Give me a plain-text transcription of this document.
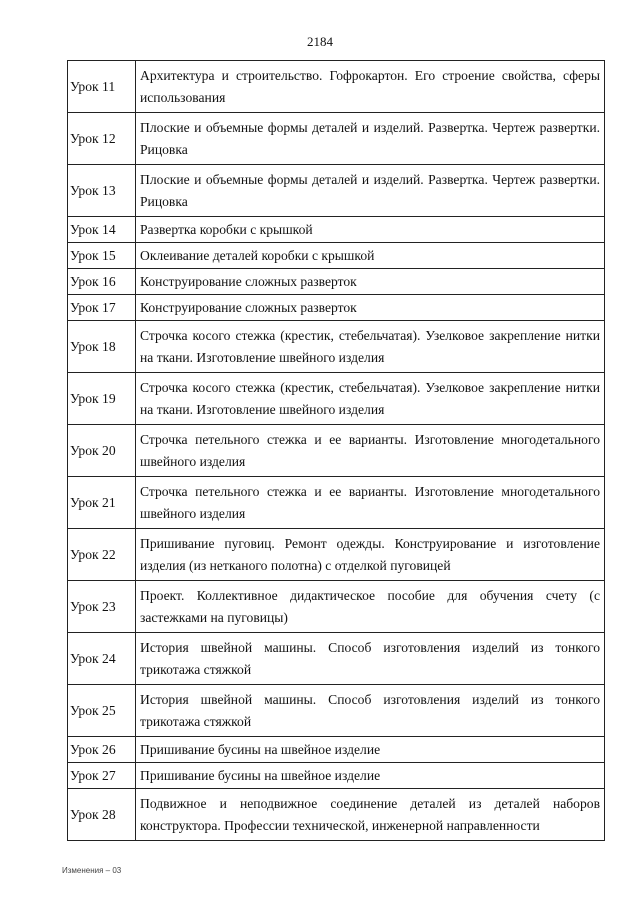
2184
Урок 11	Архитектура и строительство. Гофрокартон. Его строение свойства, сферы использования
Урок 12	Плоские и объемные формы деталей и изделий. Развертка. Чертеж развертки. Рицовка
Урок 13	Плоские и объемные формы деталей и изделий. Развертка. Чертеж развертки. Рицовка
Урок 14	Развертка коробки с крышкой
Урок 15	Оклеивание деталей коробки с крышкой
Урок 16	Конструирование сложных разверток
Урок 17	Конструирование сложных разверток
Урок 18	Строчка косого стежка (крестик, стебельчатая). Узелковое закрепление нитки на ткани. Изготовление швейного изделия
Урок 19	Строчка косого стежка (крестик, стебельчатая). Узелковое закрепление нитки на ткани. Изготовление швейного изделия
Урок 20	Строчка петельного стежка и ее варианты. Изготовление многодетального швейного изделия
Урок 21	Строчка петельного стежка и ее варианты. Изготовление многодетального швейного изделия
Урок 22	Пришивание пуговиц. Ремонт одежды. Конструирование и изготовление изделия (из нетканого полотна) с отделкой пуговицей
Урок 23	Проект. Коллективное дидактическое пособие для обучения счету (с застежками на пуговицы)
Урок 24	История швейной машины. Способ изготовления изделий из тонкого трикотажа стяжкой
Урок 25	История швейной машины. Способ изготовления изделий из тонкого трикотажа стяжкой
Урок 26	Пришивание бусины на швейное изделие
Урок 27	Пришивание бусины на швейное изделие
Урок 28	Подвижное и неподвижное соединение деталей из деталей наборов конструктора. Профессии технической, инженерной направленности
Изменения – 03
